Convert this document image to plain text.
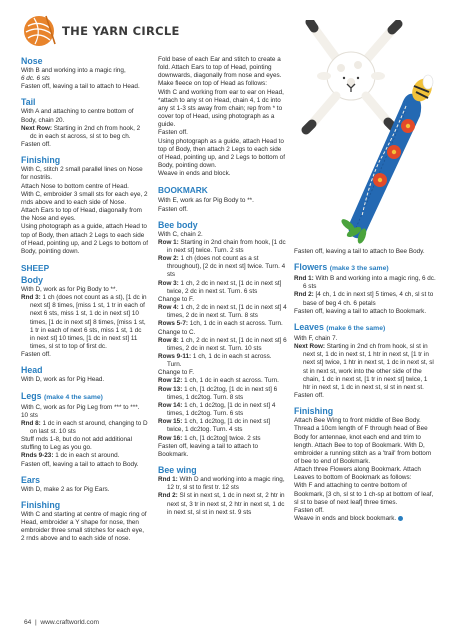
THE YARN CIRCLE
Nose

With B and working into a magic ring,

6 dc. 6 sts

Fasten off, leaving a tail to attach to Head.

Tail

With A and attaching to centre bottom of Body, chain 20.

Next Row: Starting in 2nd ch from hook, 2 dc in each st across, sl st to beg ch.

Fasten off.

Finishing

With C, stitch 2 small parallel lines on Nose for nostrils.

Attach Nose to bottom centre of Head.

With C, embroider 3 small sts for each eye, 2 rnds above and to each side of Nose.

Attach Ears to top of Head, diagonally from the Nose and eyes.

Using photograph as a guide, attach Head to top of Body, then attach 2 Legs to each side of Head, pointing up, and 2 Legs to bottom of Body, pointing down.

SHEEP
Body

With D, work as for Pig Body to **.

Rnd 3: 1 ch (does not count as a st), [1 dc in next st] 8 times, [miss 1 st, 1 tr in each of next 6 sts, miss 1 st, 1 dc in next st] 10 times, [1 dc in next st] 8 times, [miss 1 st, 1 tr in each of next 6 sts, miss 1 st, 1 dc in next st] 10 times, [1 dc in next st] 11 times, sl st to top of first dc.

Fasten off.

Head

With D, work as for Pig Head.

Legs (make 4 the same)

With C, work as for Pig Leg from *** to ***. 10 sts

Rnd 8: 1 dc in each st around, changing to D on last st. 10 sts

Stuff rnds 1-8, but do not add additional stuffing to Leg as you go.

Rnds 9-23: 1 dc in each st around.

Fasten off, leaving a tail to attach to Body.

Ears

With D, make 2 as for Pig Ears.

Finishing

With C and starting at centre of magic ring of Head, embroider a Y shape for nose, then embroider three small stitches for each eye, 2 rnds above and to each side of nose.

Fold base of each Ear and stitch to create a fold. Attach Ears to top of Head, pointing downwards, diagonally from nose and eyes.

Make fleece on top of Head as follows:

With C and working from ear to ear on Head, *attach to any st on Head, chain 4, 1 dc into any st 1-3 sts away from chain; rep from * to cover top of Head, using photograph as a guide.

Fasten off.

Using photograph as a guide, attach Head to top of Body, then attach 2 Legs to each side of Head, pointing up, and 2 Legs to bottom of Body, pointing down.

Weave in ends and block.

BOOKMARK

With E, work as for Pig Body to **.

Fasten off.

Bee body

With C, chain 2.

Row 1: Starting in 2nd chain from hook, [1 dc in next st] twice. Turn. 2 sts

Row 2: 1 ch (does not count as a st throughout), [2 dc in next st] twice. Turn. 4 sts

Row 3: 1 ch, 2 dc in next st, [1 dc in next st] twice, 2 dc in next st. Turn. 6 sts

Change to F.

Row 4: 1 ch, 2 dc in next st, [1 dc in next st] 4 times, 2 dc in next st. Turn. 8 sts

Rows 5-7: 1ch, 1 dc in each st across. Turn.

Change to C.

Row 8: 1 ch, 2 dc in next st, [1 dc in next st] 6 times, 2 dc in next st. Turn. 10 sts

Rows 9-11: 1 ch, 1 dc in each st across. Turn.

Change to F.

Row 12: 1 ch, 1 dc in each st across. Turn.

Row 13: 1 ch, [1 dc2tog, [1 dc in next st] 6 times, 1 dc2tog. Turn. 8 sts

Row 14: 1 ch, 1 dc2tog, [1 dc in next st] 4 times, 1 dc2tog. Turn. 6 sts

Row 15: 1 ch, 1 dc2tog, [1 dc in next st] twice, 1 dc2tog. Turn. 4 sts

Row 16: 1 ch, [1 dc2tog] twice. 2 sts

Fasten off, leaving a tail to attach to Bookmark.

Bee wing

Rnd 1: With D and working into a magic ring, 12 tr, sl st to first tr. 12 sts

Rnd 2: Sl st in next st, 1 dc in next st, 2 htr in next st, 3 tr in next st, 2 htr in next st, 1 dc in next st, sl st in next st. 9 sts

Fasten off, leaving a tail to attach to Bee Body.

Flowers (make 3 the same)

Rnd 1: With B and working into a magic ring, 6 dc. 6 sts

Rnd 2: [4 ch, 1 dc in next st] 5 times, 4 ch, sl st to base of beg 4 ch. 6 petals

Fasten off, leaving a tail to attach to Bookmark.

Leaves (make 6 the same)

With F, chain 7.

Next Row: Starting in 2nd ch from hook, sl st in next st, 1 dc in next st, 1 htr in next st, [1 tr in next st] twice, 1 htr in next st, 1 dc in next st, sl st in next st, work into the other side of the chain, 1 dc in next st, [1 tr in next st] twice, 1 htr in next st, 1 dc in next st, sl st in next st.

Fasten off.

Finishing

Attach Bee Wing to front middle of Bee Body. Thread a 10cm length of F through head of Bee Body for antennae, knot each end and trim to length. Attach Bee to top of Bookmark. With D, embroider a running stitch as a 'trail' from bottom of bee to end of Bookmark.

Attach three Flowers along Bookmark. Attach Leaves to bottom of Bookmark as follows:

With F and attaching to centre bottom of Bookmark, [3 ch, sl st to 1 ch-sp at bottom of leaf, sl st to base of next leaf] three times.

Fasten off.

Weave in ends and block bookmark.

64  |  www.craftworld.com
